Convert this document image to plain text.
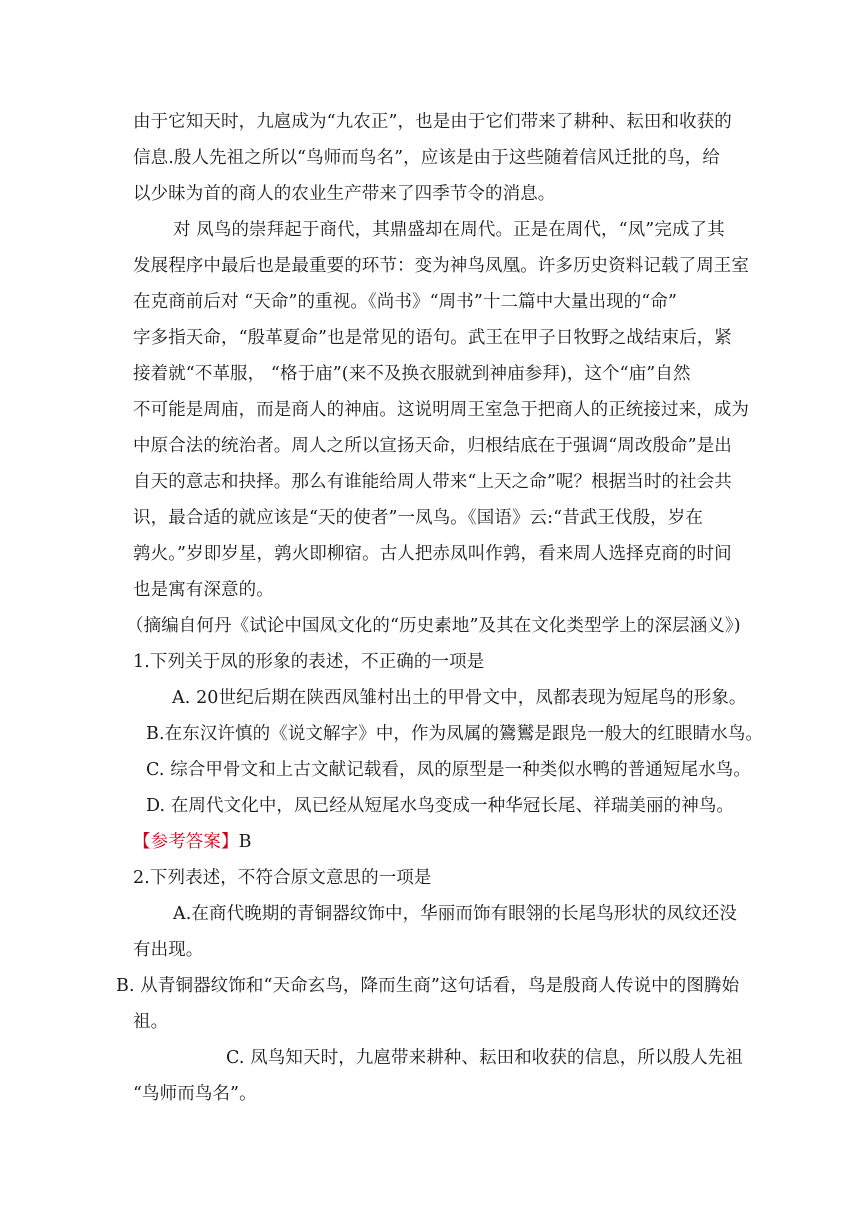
由于它知天时，九扈成为“九农正”，也是由于它们带来了耕种、耘田和收获的
信息.殷人先祖之所以“鸟师而鸟名”，应该是由于这些随着信风迁批的鸟，给
以少昧为首的商人的农业生产带来了四季节令的消息。
对 凤鸟的崇拜起于商代，其鼎盛却在周代。正是在周代，“凤”完成了其
发展程序中最后也是最重要的环节：变为神鸟凤凰。许多历史资料记载了周王室
在克商前后对 “天命”的重视。《尚书》“周书”十二篇中大量出现的“命”
字多指天命，“殷革夏命”也是常见的语句。武王在甲子日牧野之战结束后，紧
接着就“不革服， “格于庙”(来不及换衣服就到神庙参拜)，这个“庙”自然
不可能是周庙，而是商人的神庙。这说明周王室急于把商人的正统接过来，成为
中原合法的统治者。周人之所以宣扬天命，归根结底在于强调“周改殷命”是出
自天的意志和抉择。那么有谁能给周人带来“上天之命”呢？根据当时的社会共
识，最合适的就应该是“天的使者”一凤鸟。《国语》云:“昔武王伐殷，岁在
鹑火。”岁即岁星，鹑火即柳宿。古人把赤凤叫作鹑，看来周人选择克商的时间
也是寓有深意的。
（摘编自何丹《试论中国凤文化的“历史素地”及其在文化类型学上的深层涵义》)
1.下列关于凤的形象的表述，不正确的一项是
A. 20世纪后期在陕西凤雏村出土的甲骨文中，凤都表现为短尾鸟的形象。
B.在东汉许慎的《说文解字》中，作为凤属的鷟鸑是跟凫一般大的红眼睛水鸟。
C. 综合甲骨文和上古文献记载看，凤的原型是一种类似水鸭的普通短尾水鸟。
D. 在周代文化中，凤已经从短尾水鸟变成一种华冠长尾、祥瑞美丽的神鸟。
【参考答案】B
2.下列表述，不符合原文意思的一项是
A.在商代晚期的青铜器纹饰中，华丽而饰有眼翎的长尾鸟形状的凤纹还没
有出现。
B. 从青铜器纹饰和“天命玄鸟，降而生商”这句话看，鸟是殷商人传说中的图腾始
祖。
C. 凤鸟知天时，九扈带来耕种、耘田和收获的信息，所以殷人先祖
“鸟师而鸟名”。
